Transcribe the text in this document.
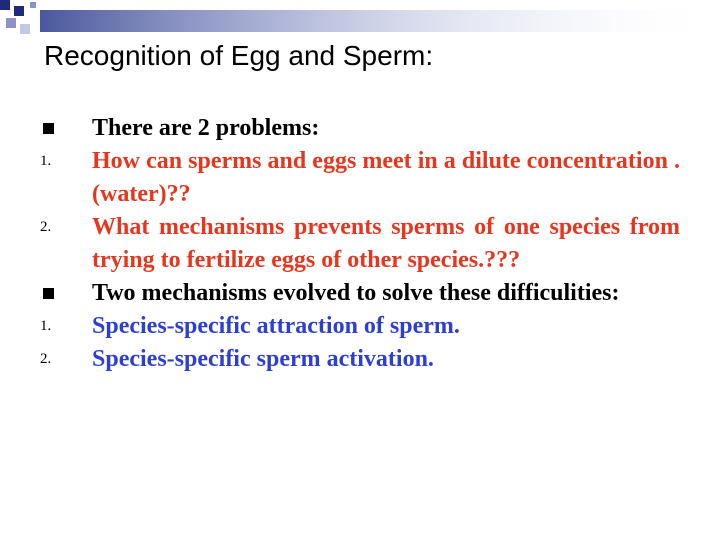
Recognition of Egg and Sperm:
There are 2 problems:
1.	How can sperms and eggs meet in a dilute concentration .(water)??
2.	What mechanisms prevents sperms of one species from trying to fertilize eggs of other species.???
Two mechanisms evolved to solve these difficulities:
1.	Species-specific attraction of sperm.
2.	Species-specific sperm activation.
